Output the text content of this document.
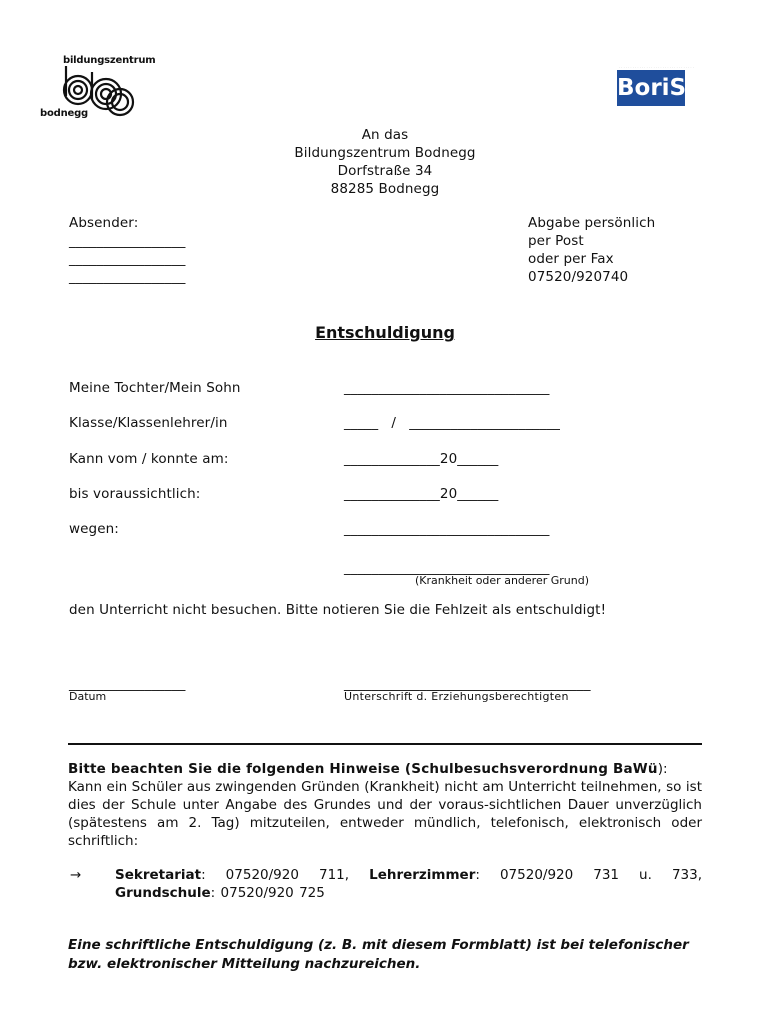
bildungszentrum
bodnegg
· · · · · · · · · · · · · · · · · · · · · · · · · · · · · · · · ·
BoriS
An das
Bildungszentrum Bodnegg
Dorfstraße 34
88285 Bodnegg
Absender:
_________________
_________________
_________________
Abgabe persönlich
per Post
oder per Fax
07520/920740
Entschuldigung
Meine Tochter/Mein Sohn	______________________________
Klasse/Klassenlehrer/in	_____   /   ______________________
Kann vom / konnte am:	______________20______
bis voraussichtlich:	______________20______
wegen:	______________________________
______________________________
(Krankheit oder anderer Grund)
den Unterricht nicht besuchen. Bitte notieren Sie die Fehlzeit als entschuldigt!
_________________
Datum
____________________________________
Unterschrift d. Erziehungsberechtigten
Bitte beachten Sie die folgenden Hinweise (Schulbesuchsverordnung BaWü):
Kann ein Schüler aus zwingenden Gründen (Krankheit) nicht am Unterricht teilnehmen, so ist dies der Schule unter Angabe des Grundes und der voraus-sichtlichen Dauer unverzüglich (spätestens am 2. Tag) mitzuteilen, entweder mündlich, telefonisch, elektronisch oder schriftlich:
→ Sekretariat: 07520/920 711, Lehrerzimmer: 07520/920 731 u. 733, Grundschule: 07520/920 725
Eine schriftliche Entschuldigung (z. B. mit diesem Formblatt) ist bei telefonischer bzw. elektronischer Mitteilung nachzureichen.
